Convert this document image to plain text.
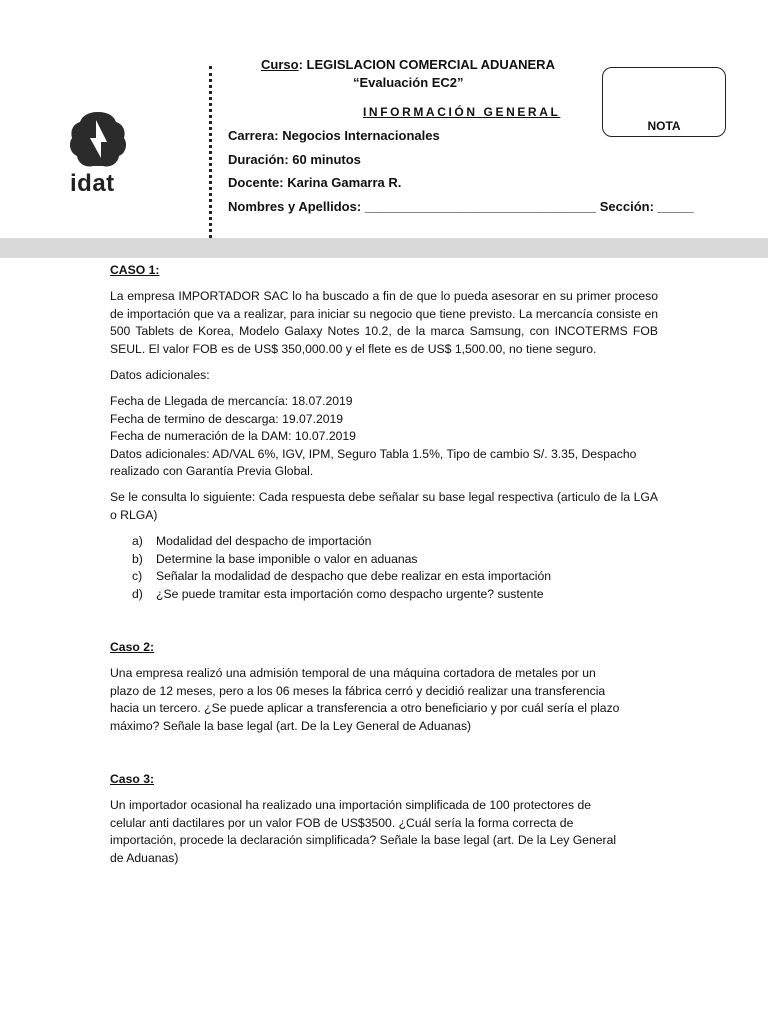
idat
Curso: LEGISLACION COMERCIAL ADUANERA
“Evaluación EC2”
INFORMACIÓN GENERAL
Carrera: Negocios Internacionales
Duración: 60 minutos
Docente: Karina Gamarra R.
Nombres y Apellidos: ________________________________ Sección: _____
NOTA
CASO 1:
La empresa IMPORTADOR SAC lo ha buscado a fin de que lo pueda asesorar en su primer proceso de importación que va a realizar, para iniciar su negocio que tiene previsto. La mercancía consiste en 500 Tablets de Korea, Modelo Galaxy Notes 10.2, de la marca Samsung, con INCOTERMS FOB SEUL. El valor FOB es de US$ 350,000.00 y el flete es de US$ 1,500.00, no tiene seguro.
Datos adicionales:
Fecha de Llegada de mercancía: 18.07.2019
Fecha de termino de descarga: 19.07.2019
Fecha de numeración de la DAM: 10.07.2019
Datos adicionales: AD/VAL 6%, IGV, IPM, Seguro Tabla 1.5%, Tipo de cambio S/. 3.35, Despacho
realizado con Garantía Previa Global.
Se le consulta lo siguiente: Cada respuesta debe señalar su base legal respectiva (articulo de la LGA o RLGA)
a)	Modalidad del despacho de importación
b)	Determine la base imponible o valor en aduanas
c)	Señalar la modalidad de despacho que debe realizar en esta importación
d)	¿Se puede tramitar esta importación como despacho urgente? sustente
Caso 2:
Una empresa realizó una admisión temporal de una máquina cortadora de metales por un
plazo de 12 meses, pero a los 06 meses la fábrica cerró y decidió realizar una transferencia
hacia un tercero. ¿Se puede aplicar a transferencia a otro beneficiario y por cuál sería el plazo
máximo? Señale la base legal (art. De la Ley General de Aduanas)
Caso 3:
Un importador ocasional ha realizado una importación simplificada de 100 protectores de
celular anti dactilares por un valor FOB de US$3500. ¿Cuál sería la forma correcta de
importación, procede la declaración simplificada? Señale la base legal (art. De la Ley General
de Aduanas)
